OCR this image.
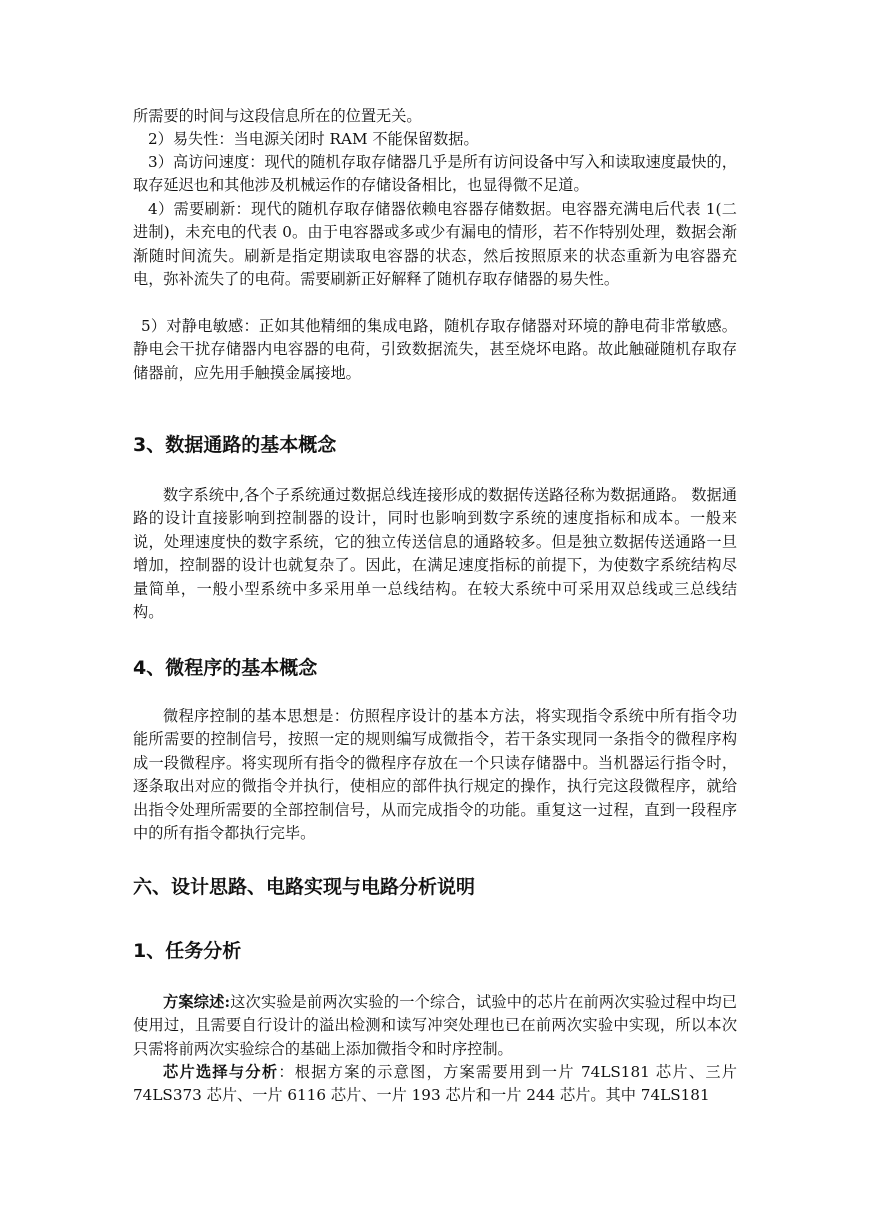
所需要的时间与这段信息所在的位置无关。

2）易失性：当电源关闭时 RAM 不能保留数据。

3）高访问速度：现代的随机存取存储器几乎是所有访问设备中写入和读取速度最快的，取存延迟也和其他涉及机械运作的存储设备相比，也显得微不足道。

4）需要刷新：现代的随机存取存储器依赖电容器存储数据。电容器充满电后代表 1(二进制)，未充电的代表 0。由于电容器或多或少有漏电的情形，若不作特别处理，数据会渐渐随时间流失。刷新是指定期读取电容器的状态，然后按照原来的状态重新为电容器充电，弥补流失了的电荷。需要刷新正好解释了随机存取存储器的易失性。

5）对静电敏感：正如其他精细的集成电路，随机存取存储器对环境的静电荷非常敏感。静电会干扰存储器内电容器的电荷，引致数据流失，甚至烧坏电路。故此触碰随机存取存储器前，应先用手触摸金属接地。

3、数据通路的基本概念

数字系统中,各个子系统通过数据总线连接形成的数据传送路径称为数据通路。 数据通路的设计直接影响到控制器的设计，同时也影响到数字系统的速度指标和成本。一般来说，处理速度快的数字系统，它的独立传送信息的通路较多。但是独立数据传送通路一旦增加，控制器的设计也就复杂了。因此，在满足速度指标的前提下，为使数字系统结构尽量简单，一般小型系统中多采用单一总线结构。在较大系统中可采用双总线或三总线结构。

4、微程序的基本概念

微程序控制的基本思想是：仿照程序设计的基本方法，将实现指令系统中所有指令功能所需要的控制信号，按照一定的规则编写成微指令，若干条实现同一条指令的微程序构成一段微程序。将实现所有指令的微程序存放在一个只读存储器中。当机器运行指令时，逐条取出对应的微指令并执行，使相应的部件执行规定的操作，执行完这段微程序，就给出指令处理所需要的全部控制信号，从而完成指令的功能。重复这一过程，直到一段程序中的所有指令都执行完毕。

六、设计思路、电路实现与电路分析说明
1、任务分析

方案综述:这次实验是前两次实验的一个综合，试验中的芯片在前两次实验过程中均已使用过，且需要自行设计的溢出检测和读写冲突处理也已在前两次实验中实现，所以本次只需将前两次实验综合的基础上添加微指令和时序控制。

芯片选择与分析：根据方案的示意图，方案需要用到一片 74LS181 芯片、三片 74LS373 芯片、一片 6116 芯片、一片 193 芯片和一片 244 芯片。其中 74LS181
